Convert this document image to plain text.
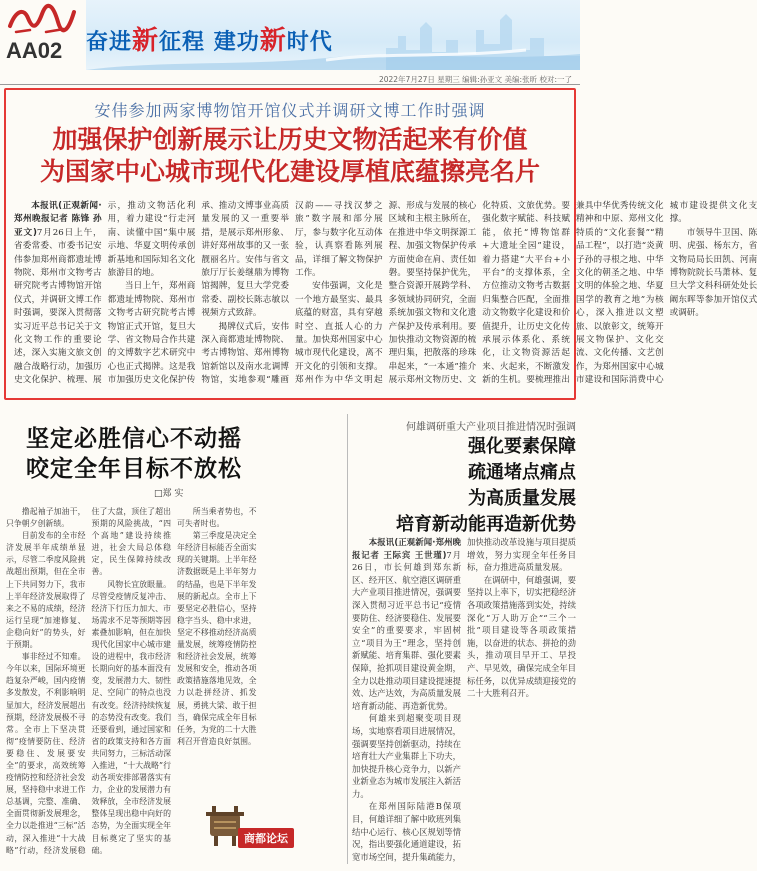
AA02 奋进新征程 建功新时代
2022年7月27日 星期三 编辑:孙亚文 美编:张昕 校对:一了
安伟参加两家博物馆开馆仪式并调研文博工作时强调
加强保护创新展示让历史文物活起来有价值
为国家中心城市现代化建设厚植底蕴擦亮名片

本报讯(正观新闻·郑州晚报记者 陈锋 孙亚文)7月26日上午，省委常委、市委书记安伟参加郑州商都遗址博物院、郑州市文物考古研究院考古博物馆开馆仪式，并调研文博工作时强调，要深入贯彻落实习近平总书记关于文化文物工作的重要论述，深入实施文旅文创融合战略行动，加强历史文化保护、梳理、展示，推动文物活化利用，着力建设“行走河南、读懂中国”集中展示地、华夏文明传承创新基地和国际知名文化旅游目的地。

当日上午，郑州商都遗址博物院、郑州市文物考古研究院考古博物馆正式开馆，复旦大学、省文物局合作共建的文博数字艺术研究中心也正式揭牌。这是我市加强历史文化保护传承、推动文博事业高质量发展的又一重要举措，是展示郑州形象、讲好郑州故事的又一张靓丽名片。安伟与省文旅厅厅长姜继鼎为博物馆揭牌，复旦大学党委常委、副校长陈志敏以视频方式致辞。

揭牌仪式后，安伟深入商都遗址博物院、考古博物馆、郑州博物馆新馆以及南水北调博物馆，实地参观“雕画汉韵——寻找汉梦之旅”数字展和部分展厅，参与数字化互动体验，认真察看陈列展品，详细了解文物保护工作。

安伟强调，文化是一个地方最坚实、最具底蕴的财富，具有穿越时空、直抵人心的力量。加快郑州国家中心城市现代化建设，离不开文化的引领和支撑。郑州作为中华文明起源、形成与发展的核心区域和主根主脉所在，在推进中华文明探源工程、加强文物保护传承方面使命在肩、责任如磐。要坚持保护优先，整合资源开展跨学科、多领域协同研究，全面系统加强文物和文化遗产保护及传承利用。要加快推动文物资源的梳理归集，把散落的珍珠串起来，“一本通”推介展示郑州文物历史、文化特质、文旅优势。要强化数字赋能、科技赋能，依托“博物馆群+大遗址全园”建设，着力搭建“大平台+小平台”的支撑体系，全方位推动文物考古数据归集整合匹配，全面推动文物数字化建设和价值提升，让历史文化传承展示体系化、系统化，让文物资源活起来、火起来，不断激发新的生机。要梳理推出兼具中华优秀传统文化精神和中原、郑州文化特质的“文化套餐”“精品工程”，以打造“炎黄子孙的寻根之地、中华文化的朝圣之地、中华文明的体验之地、华夏国学的教育之地”为核心，深入推进以文塑旅、以旅彰文，统筹开展文物保护、文化交流、文化传播、文艺创作，为郑州国家中心城市建设和国际消费中心城市建设提供文化支撑。

市领导牛卫国、陈明、虎强、杨东方，省文物局局长田凯、河南博物院院长马萧林、复旦大学文科科研处处长阚东晖等参加开馆仪式或调研。

坚定必胜信心不动摇
咬定全年目标不放松
□郑 实

撸起袖子加油干，只争朝夕创新绩。

目前发布的全市经济发展半年成绩单显示，尽管二季度风险挑战超出预期，但在全市上下共同努力下，我市上半年经济发展取得了来之不易的成绩，经济运行呈现“加速修复、企稳向好”的势头，好于预期。

事非经过不知难。今年以来，国际环境更趋复杂严峻，国内疫情多发散发，不利影响明显加大，经济发展超出预期，经济发展极不寻常。全市上下坚决贯彻“疫情要防住、经济要稳住、发展要安全”的要求，高效统筹疫情防控和经济社会发展，坚持稳中求进工作总基调，完整、准确、全面贯彻新发展理念，全力以赴推进“三标”活动，深入推进“十大战略”行动，经济发展稳住了大盘，顶住了超出预期的风险挑战，“四个高地”建设持续推进，社会大局总体稳定，民生保障持续改善。

风物长宜放眼量。尽管受疫情反复冲击、经济下行压力加大、市场需求不足等预期等因素叠加影响，但在加快现代化国家中心城市建设的进程中，我市经济长期向好的基本面没有变，发展潜力大、韧性足、空间广的特点也没有改变。经济持续恢复的态势没有改变。我们还要看到，通过国家和省的政策支持和各方面共同努力，三标活动深入推进，“十大战略”行动各项安排部署落实有力，企业的发展潜力有效释放，全市经济发展整体呈现出稳中向好的态势，为全面实现全年目标奠定了坚实的基础。

所当乘者势也，不可失者时也。

第三季度是决定全年经济目标能否全面实现的关键期。上半年经济数据既是上半年努力的结晶，也是下半年发展的新起点。全市上下要坚定必胜信心，坚持稳字当头、稳中求进，坚定不移推动经济高质量发展，统筹疫情防控和经济社会发展，统筹发展和安全，推动各项政策措施落地见效，全力以赴拼经济、抓发展，勇挑大梁、敢于担当，确保完成全年目标任务，为党的二十大胜利召开营造良好氛围。

商都论坛
何雄调研重大产业项目推进情况时强调
强化要素保障
疏通堵点痛点
为高质量发展
培育新动能再造新优势

本报讯(正观新闻·郑州晚报记者 王际宾 王世瑾)7月26日，市长何雄到郑东新区、经开区、航空港区调研重大产业项目推进情况，强调要深入贯彻习近平总书记“疫情要防住、经济要稳住、发展要安全”的重要要求，牢固树立“项目为王”理念，坚持创新赋能、培育集群、强化要素保障，抢抓项目建设黄金期，全力以赴推动项目建设提速提效、达产达效，为高质量发展培育新动能、再造新优势。

何雄来到超聚变项目现场，实地察看项目进展情况，强调要坚持创新驱动，持续在培育壮大产业集群上下功夫，加快提升核心竞争力，以新产业新业态为城市发展注入新活力。

在郑州国际陆港B保项目，何雄详细了解中欧班列集结中心运行、核心区规划等情况，指出要强化通道建设，拓宽市场空间，提升集疏能力，加快推动改革设施与项目提质增效，努力实现全年任务目标，奋力推进高质量发展。

在调研中，何雄强调，要坚持以上率下，切实把稳经济各项政策措施落到实处，持续深化“万人助万企”“三个一批”项目建设等各项政策措施，以奋进的状态、拼抢的劲头，推动项目早开工、早投产、早见效，确保完成全年目标任务，以优异成绩迎接党的二十大胜利召开。
